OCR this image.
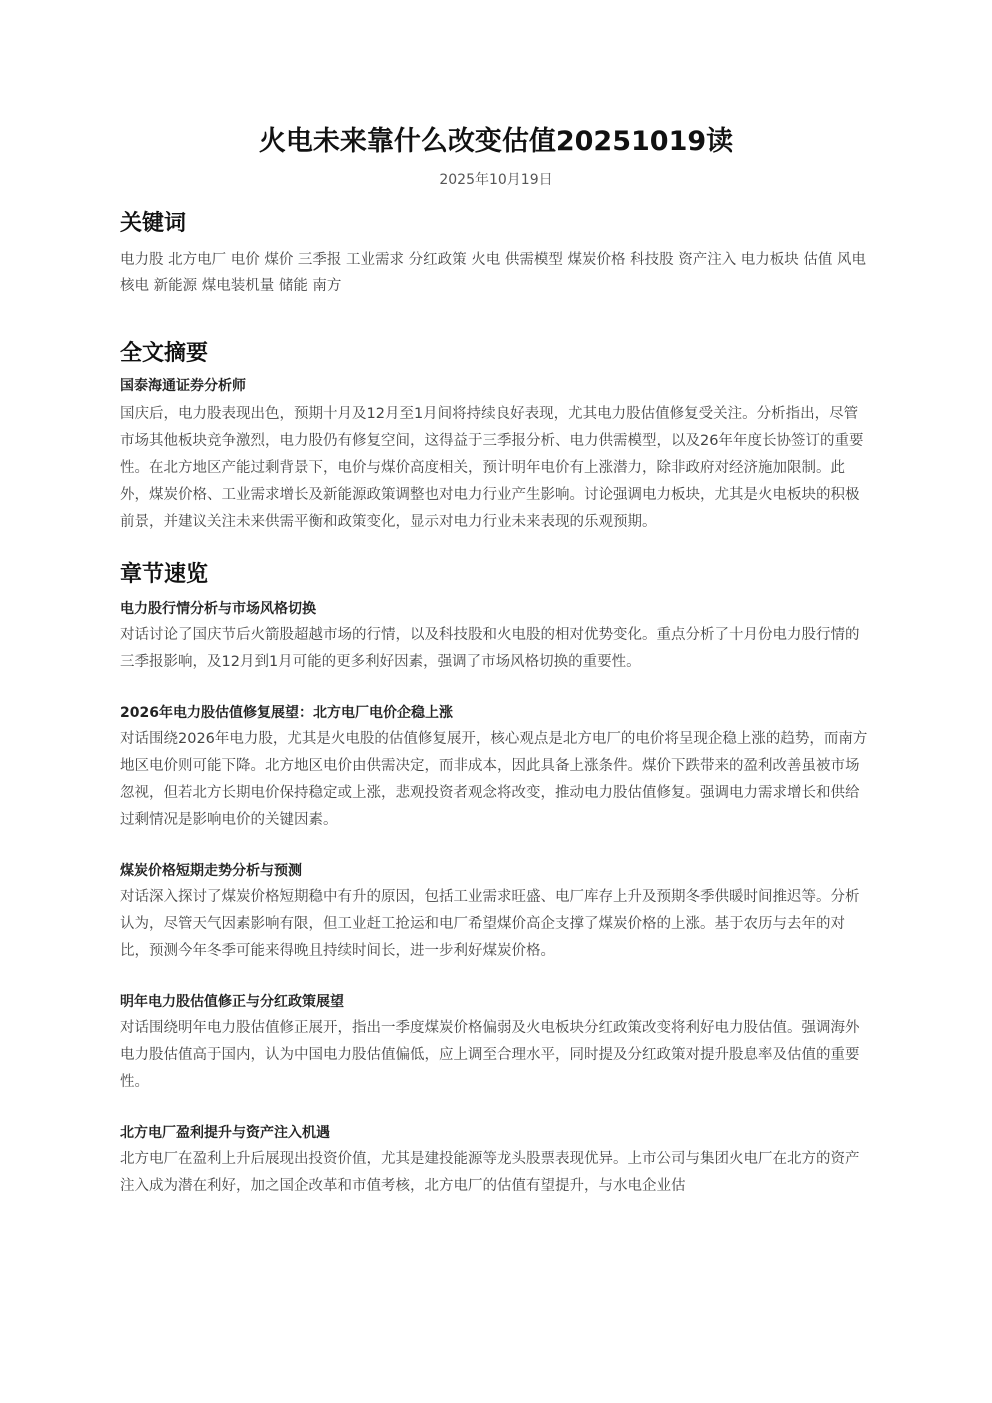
火电未来靠什么改变估值20251019读
2025年10月19日
关键词

电力股 北方电厂 电价 煤价 三季报 工业需求 分红政策 火电 供需模型 煤炭价格 科技股 资产注入 电力板块 估值 风电 核电 新能源 煤电装机量 储能 南方

全文摘要

国泰海通证券分析师

国庆后，电力股表现出色，预期十月及12月至1月间将持续良好表现，尤其电力股估值修复受关注。分析指出，尽管市场其他板块竞争激烈，电力股仍有修复空间，这得益于三季报分析、电力供需模型，以及26年年度长协签订的重要性。在北方地区产能过剩背景下，电价与煤价高度相关，预计明年电价有上涨潜力，除非政府对经济施加限制。此外，煤炭价格、工业需求增长及新能源政策调整也对电力行业产生影响。讨论强调电力板块，尤其是火电板块的积极前景，并建议关注未来供需平衡和政策变化，显示对电力行业未来表现的乐观预期。

章节速览

电力股行情分析与市场风格切换

对话讨论了国庆节后火箭股超越市场的行情，以及科技股和火电股的相对优势变化。重点分析了十月份电力股行情的三季报影响，及12月到1月可能的更多利好因素，强调了市场风格切换的重要性。

2026年电力股估值修复展望：北方电厂电价企稳上涨

对话围绕2026年电力股，尤其是火电股的估值修复展开，核心观点是北方电厂的电价将呈现企稳上涨的趋势，而南方地区电价则可能下降。北方地区电价由供需决定，而非成本，因此具备上涨条件。煤价下跌带来的盈利改善虽被市场忽视，但若北方长期电价保持稳定或上涨，悲观投资者观念将改变，推动电力股估值修复。强调电力需求增长和供给过剩情况是影响电价的关键因素。

煤炭价格短期走势分析与预测

对话深入探讨了煤炭价格短期稳中有升的原因，包括工业需求旺盛、电厂库存上升及预期冬季供暖时间推迟等。分析认为，尽管天气因素影响有限，但工业赶工抢运和电厂希望煤价高企支撑了煤炭价格的上涨。基于农历与去年的对比，预测今年冬季可能来得晚且持续时间长，进一步利好煤炭价格。

明年电力股估值修正与分红政策展望

对话围绕明年电力股估值修正展开，指出一季度煤炭价格偏弱及火电板块分红政策改变将利好电力股估值。强调海外电力股估值高于国内，认为中国电力股估值偏低，应上调至合理水平，同时提及分红政策对提升股息率及估值的重要性。

北方电厂盈利提升与资产注入机遇

北方电厂在盈利上升后展现出投资价值，尤其是建投能源等龙头股票表现优异。上市公司与集团火电厂在北方的资产注入成为潜在利好，加之国企改革和市值考核，北方电厂的估值有望提升，与水电企业估
